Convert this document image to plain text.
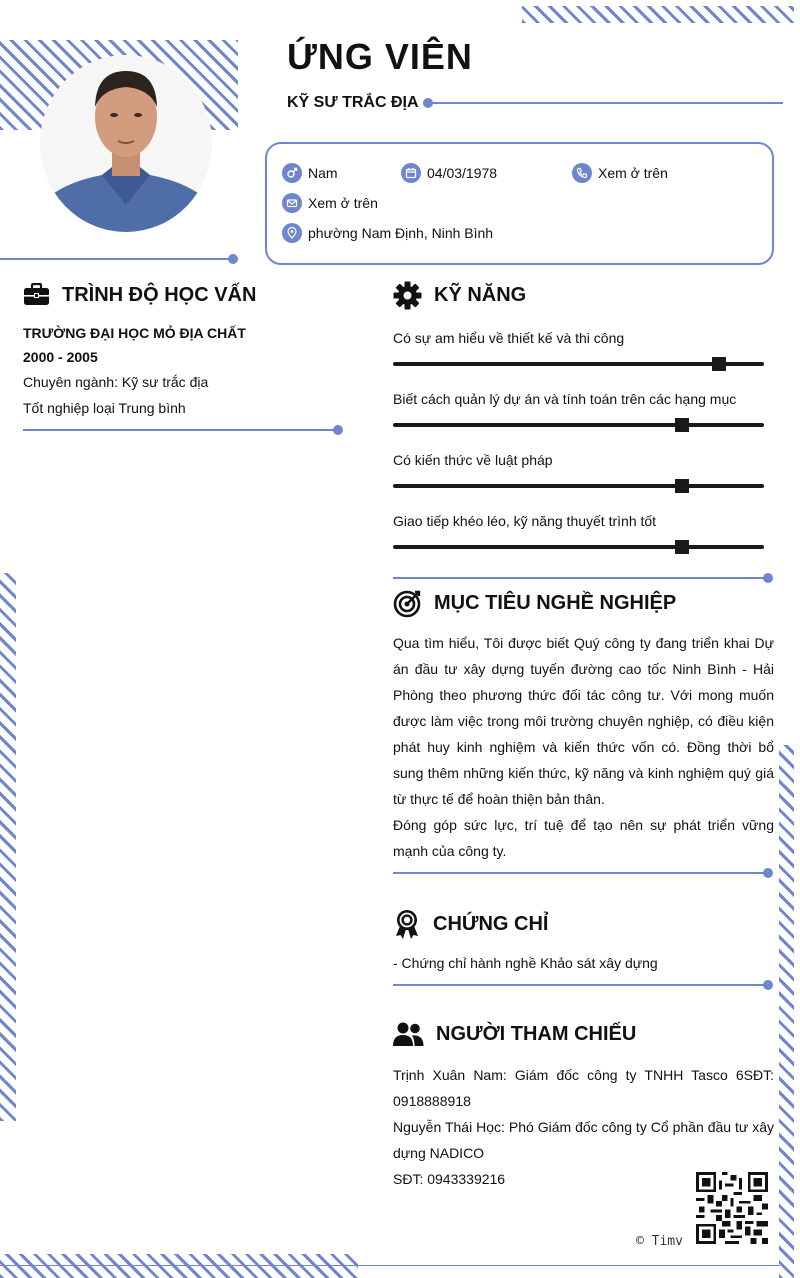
ỨNG VIÊN
KỸ SƯ TRẮC ĐỊA
Nam	04/03/1978	Xem ở trên
Xem ở trên
phường Nam Định, Ninh Bình
TRÌNH ĐỘ HỌC VẤN
TRƯỜNG ĐẠI HỌC MỎ ĐỊA CHẤT
2000 - 2005
Chuyên ngành: Kỹ sư trắc địa
Tốt nghiệp loại Trung bình
KỸ NĂNG
Có sự am hiểu về thiết kế và thi công
Biết cách quản lý dự án và tính toán trên các hạng mục
Có kiến thức về luật pháp
Giao tiếp khéo léo, kỹ năng thuyết trình tốt
MỤC TIÊU NGHỀ NGHIỆP
Qua tìm hiểu, Tôi được biết Quý công ty đang triển khai Dự án đầu tư xây dựng tuyến đường cao tốc Ninh Bình - Hải Phòng theo phương thức đối tác công tư. Với mong muốn được làm việc trong môi trường chuyên nghiệp, có điều kiện phát huy kinh nghiệm và kiến thức vốn có. Đồng thời bổ sung thêm những kiến thức, kỹ năng và kinh nghiệm quý giá từ thực tế để hoàn thiện bản thân.
Đóng góp sức lực, trí tuệ để tạo nên sự phát triển vững mạnh của công ty.
CHỨNG CHỈ
- Chứng chỉ hành nghề Khảo sát xây dựng
NGƯỜI THAM CHIẾU
Trịnh Xuân Nam: Giám đốc công ty TNHH Tasco 6SĐT: 0918888918
Nguyễn Thái Học: Phó Giám đốc công ty Cổ phần đầu tư xây dựng NADICO
SĐT: 0943339216
© Timv
